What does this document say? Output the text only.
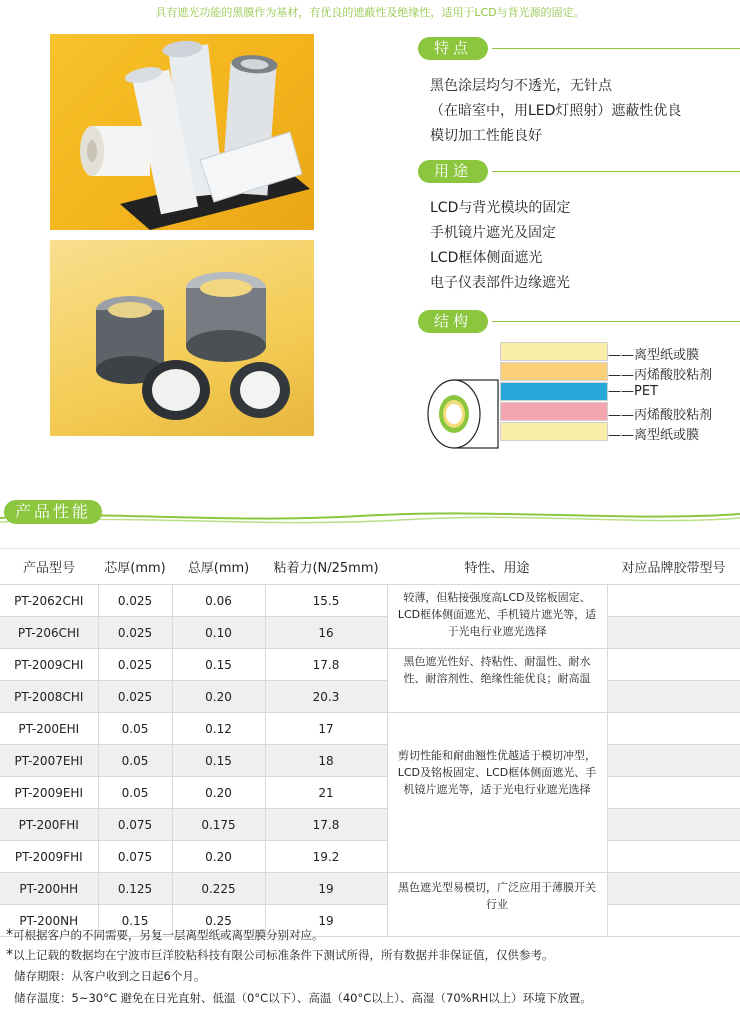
具有遮光功能的黑膜作为基材，有优良的遮蔽性及绝缘性，适用于LCD与背光源的固定。
特点
黑色涂层均匀不透光，无针点
（在暗室中，用LED灯照射）遮蔽性优良
模切加工性能良好
用途
LCD与背光模块的固定
手机镜片遮光及固定
LCD框体侧面遮光
电子仪表部件边缘遮光
结构
——离型纸或膜
——丙烯酸胶粘剂
——PET
——丙烯酸胶粘剂
——离型纸或膜
产品性能
产品型号	芯厚(mm)	总厚(mm)	粘着力(N/25mm)	特性、用途	对应品牌胶带型号
PT-2062CHI	0.025	0.06	15.5	较薄，但粘接强度高LCD及铭板固定、LCD框体侧面遮光、手机镜片遮光等，适于光电行业遮光选择	
PT-206CHI	0.025	0.10	16		
PT-2009CHI	0.025	0.15	17.8	黑色遮光性好、持粘性、耐温性、耐水性、耐溶剂性、绝缘性能优良；耐高温	
PT-2008CHI	0.025	0.20	20.3		
PT-200EHI	0.05	0.12	17	剪切性能和耐曲翘性优越适于模切冲型，LCD及铭板固定、LCD框体侧面遮光、手机镜片遮光等，适于光电行业遮光选择	
PT-2007EHI	0.05	0.15	18		
PT-2009EHI	0.05	0.20	21		
PT-200FHI	0.075	0.175	17.8		
PT-2009FHI	0.075	0.20	19.2		
PT-200HH	0.125	0.225	19	黑色遮光型易模切，广泛应用于薄膜开关行业	
PT-200NH	0.15	0.25	19		
*可根据客户的不同需要，另复一层离型纸或离型膜分别对应。
*以上记载的数据均在宁波市巨洋胶粘科技有限公司标准条件下测试所得，所有数据并非保证值，仅供参考。
储存期限：从客户收到之日起6个月。
储存温度：5~30°C 避免在日光直射、低温（0°C以下）、高温（40°C以上）、高湿（70%RH以上）环境下放置。
